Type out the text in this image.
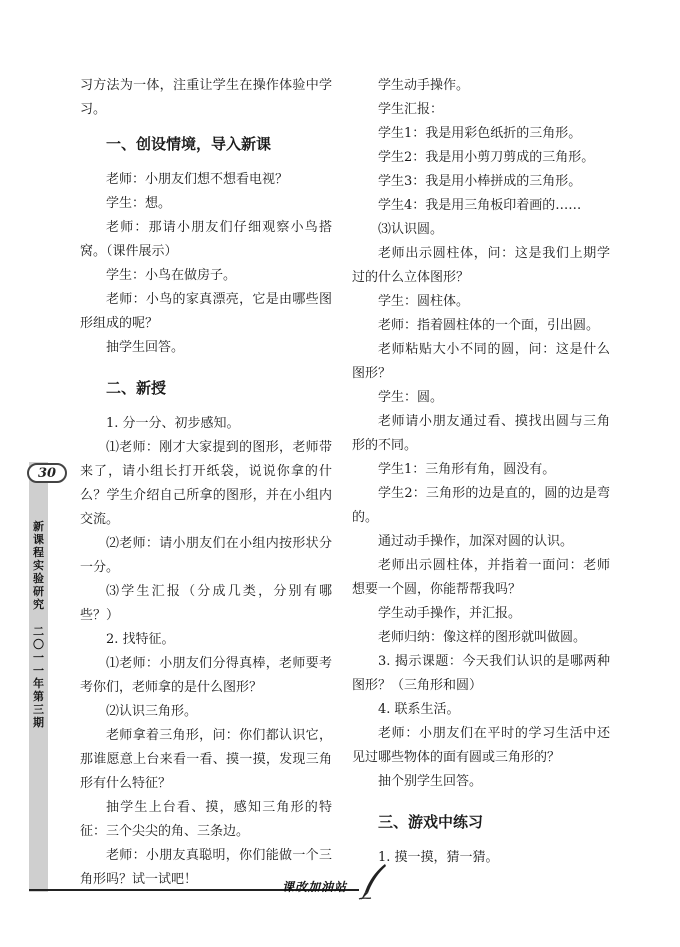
习方法为一体，注重让学生在操作体验中学习。

一、创设情境，导入新课

老师：小朋友们想不想看电视？

学生：想。

老师：那请小朋友们仔细观察小鸟搭窝。（课件展示）

学生：小鸟在做房子。

老师：小鸟的家真漂亮，它是由哪些图形组成的呢？

抽学生回答。

二、新授

1. 分一分、初步感知。

⑴老师：刚才大家提到的图形，老师带来了，请小组长打开纸袋，说说你拿的什么？学生介绍自己所拿的图形，并在小组内交流。

⑵老师：请小朋友们在小组内按形状分一分。

⑶学生汇报（分成几类，分别有哪些？）

2. 找特征。

⑴老师：小朋友们分得真棒，老师要考考你们，老师拿的是什么图形？

⑵认识三角形。

老师拿着三角形，问：你们都认识它，那谁愿意上台来看一看、摸一摸，发现三角形有什么特征？

抽学生上台看、摸，感知三角形的特征：三个尖尖的角、三条边。

老师：小朋友真聪明，你们能做一个三角形吗？试一试吧！

学生动手操作。

学生汇报：

学生1：我是用彩色纸折的三角形。

学生2：我是用小剪刀剪成的三角形。

学生3：我是用小棒拼成的三角形。

学生4：我是用三角板印着画的……

⑶认识圆。

老师出示圆柱体，问：这是我们上期学过的什么立体图形？

学生：圆柱体。

老师：指着圆柱体的一个面，引出圆。

老师粘贴大小不同的圆，问：这是什么图形？

学生：圆。

老师请小朋友通过看、摸找出圆与三角形的不同。

学生1：三角形有角，圆没有。

学生2：三角形的边是直的，圆的边是弯的。

通过动手操作，加深对圆的认识。

老师出示圆柱体，并指着一面问：老师想要一个圆，你能帮帮我吗？

学生动手操作，并汇报。

老师归纳：像这样的图形就叫做圆。

3. 揭示课题：今天我们认识的是哪两种图形？（三角形和圆）

4. 联系生活。

老师：小朋友们在平时的学习生活中还见过哪些物体的面有圆或三角形的？

抽个别学生回答。

三、游戏中练习

1. 摸一摸，猜一猜。

30
新
课
程
实
验
研
究
二
〇
一
一
年
第
三
期
课改加油站
